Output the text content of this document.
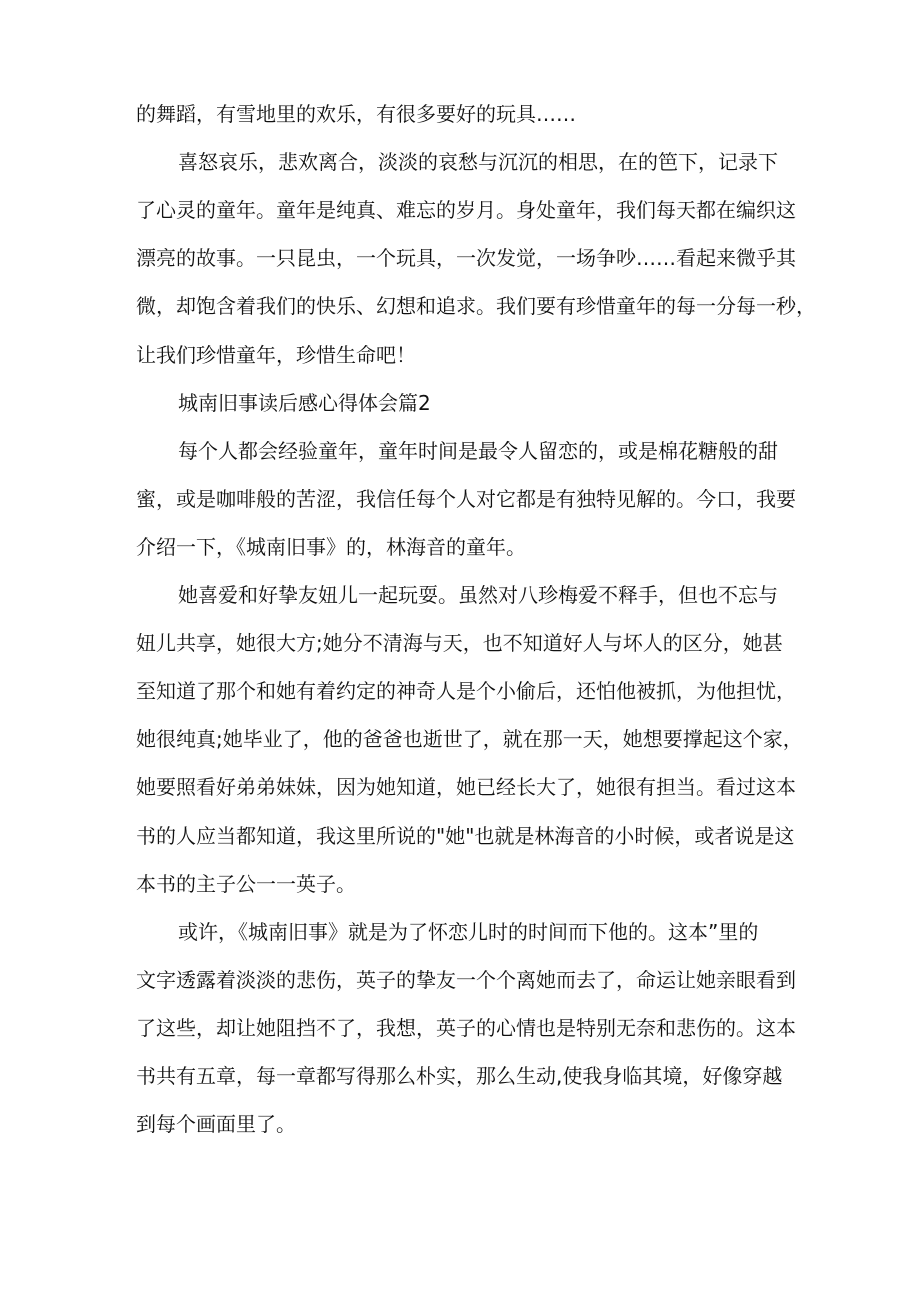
的舞蹈，有雪地里的欢乐，有很多要好的玩具……
喜怒哀乐，悲欢离合，淡淡的哀愁与沉沉的相思，在的笆下，记录下
了心灵的童年。童年是纯真、难忘的岁月。身处童年，我们每天都在编织这
漂亮的故事。一只昆虫，一个玩具，一次发觉，一场争吵……看起来微乎其
微，却饱含着我们的快乐、幻想和追求。我们要有珍惜童年的每一分每一秒，
让我们珍惜童年，珍惜生命吧！
城南旧事读后感心得体会篇2
每个人都会经验童年，童年时间是最令人留恋的，或是棉花糖般的甜
蜜，或是咖啡般的苦涩，我信任每个人对它都是有独特见解的。今口，我要
介绍一下，《城南旧事》的，林海音的童年。
她喜爱和好挚友妞儿一起玩耍。虽然对八珍梅爱不释手，但也不忘与
妞儿共享，她很大方;她分不清海与天，也不知道好人与坏人的区分，她甚
至知道了那个和她有着约定的神奇人是个小偷后，还怕他被抓，为他担忧，
她很纯真;她毕业了，他的爸爸也逝世了，就在那一天，她想要撑起这个家，
她要照看好弟弟妹妹，因为她知道，她已经长大了，她很有担当。看过这本
书的人应当都知道，我这里所说的"她"也就是林海音的小时候，或者说是这
本书的主子公一一英子。
或许，《城南旧事》就是为了怀恋儿时的时间而下他的。这本”里的
文字透露着淡淡的悲伤，英子的挚友一个个离她而去了，命运让她亲眼看到
了这些，却让她阻挡不了，我想，英子的心情也是特别无奈和悲伤的。这本
书共有五章，每一章都写得那么朴实，那么生动,使我身临其境，好像穿越
到每个画面里了。
